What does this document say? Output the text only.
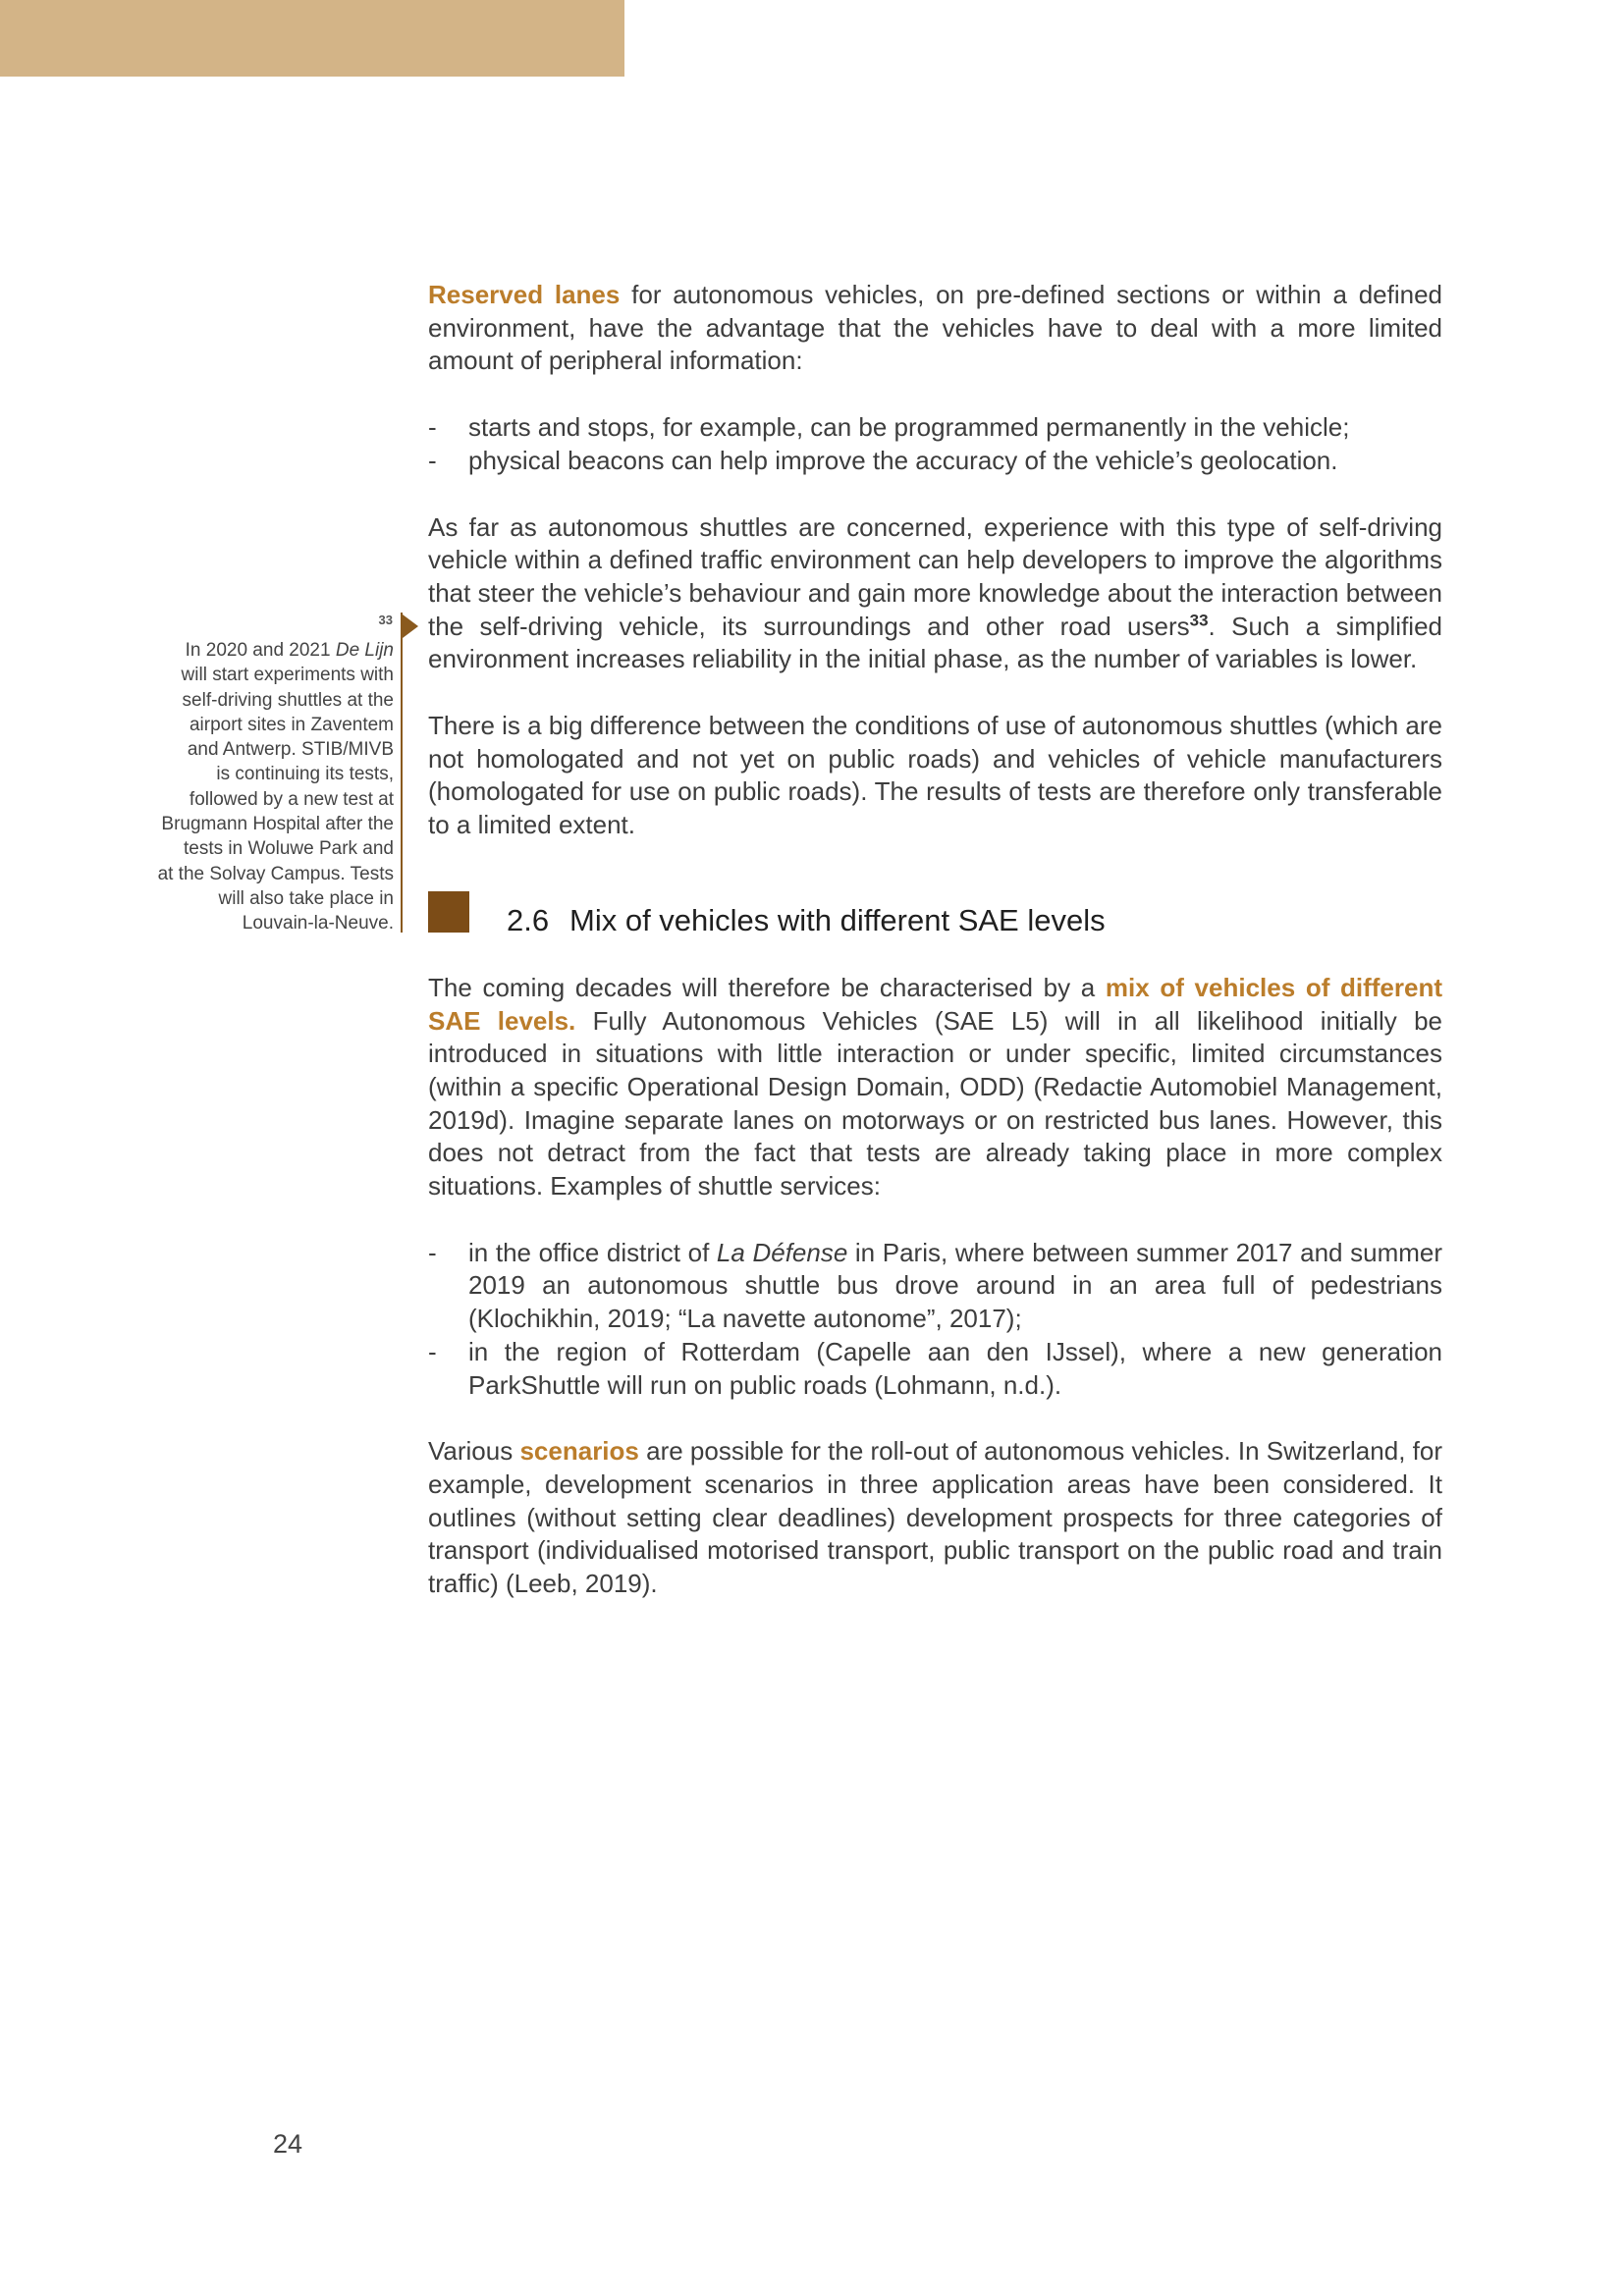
33
In 2020 and 2021 De Lijn
will start experiments with
self-driving shuttles at the
airport sites in Zaventem
and Antwerp. STIB/MIVB
is continuing its tests,
followed by a new test at
Brugmann Hospital after the
tests in Woluwe Park and
at the Solvay Campus. Tests
will also take place in
Louvain-la-Neuve.

Reserved lanes for autonomous vehicles, on pre-defined sections or within a defined environment, have the advantage that the vehicles have to deal with a more limited amount of peripheral information:

- starts and stops, for example, can be programmed permanently in the vehicle;
- physical beacons can help improve the accuracy of the vehicle’s geolocation.

As far as autonomous shuttles are concerned, experience with this type of self-driving vehicle within a defined traffic environment can help developers to improve the algorithms that steer the vehicle’s behaviour and gain more knowledge about the interaction between the self-driving vehicle, its surroundings and other road users$^{33}$. Such a simplified environment increases reliability in the initial phase, as the number of variables is lower.

There is a big difference between the conditions of use of autonomous shuttles (which are not homologated and not yet on public roads) and vehicles of vehicle manufacturers (homologated for use on public roads). The results of tests are therefore only transferable to a limited extent.

2.6 Mix of vehicles with different SAE levels

The coming decades will therefore be characterised by a mix of vehicles of different SAE levels. Fully Autonomous Vehicles (SAE L5) will in all likelihood initially be introduced in situations with little interaction or under specific, limited circumstances (within a specific Operational Design Domain, ODD) (Redactie Automobiel Management, 2019d). Imagine separate lanes on motorways or on restricted bus lanes. However, this does not detract from the fact that tests are already taking place in more complex situations. Examples of shuttle services:

- in the office district of La Défense in Paris, where between summer 2017 and summer 2019 an autonomous shuttle bus drove around in an area full of pedestrians (Klochikhin, 2019; “La navette autonome”, 2017);
- in the region of Rotterdam (Capelle aan den IJssel), where a new generation ParkShuttle will run on public roads (Lohmann, n.d.).

Various scenarios are possible for the roll-out of autonomous vehicles. In Switzerland, for example, development scenarios in three application areas have been considered. It outlines (without setting clear deadlines) development prospects for three categories of transport (individualised motorised transport, public transport on the public road and train traffic) (Leeb, 2019).

24
